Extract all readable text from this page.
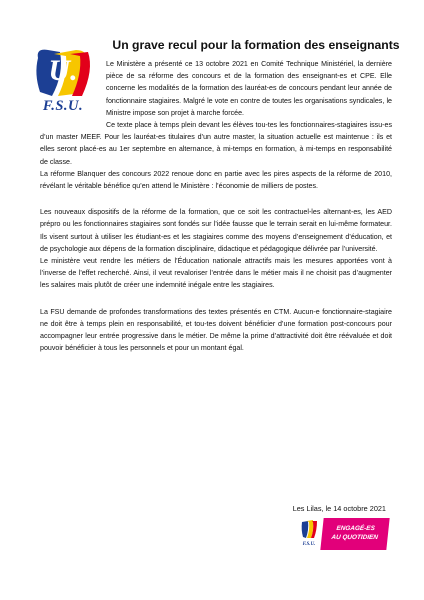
U.
F.S.U.
Un grave recul pour la formation des enseignants

Le Ministère a présenté ce 13 octobre 2021 en Comité Technique Ministériel, la dernière pièce de sa réforme des concours et de la formation des enseignant-es et CPE. Elle concerne les modalités de la formation des lauréat-es de concours pendant leur année de fonctionnaire stagiaires. Malgré le vote en contre de toutes les organisations syndicales, le Ministre impose son projet à marche forcée.

Ce texte place à temps plein devant les élèves tou-tes les fonctionnaires-stagiaires issu-es d’un master MEEF. Pour les lauréat-es titulaires d’un autre master, la situation actuelle est maintenue : ils et elles seront placé-es au 1er septembre en alternance, à mi-temps en formation, à mi-temps en responsabilité de classe.

La réforme Blanquer des concours 2022 renoue donc en partie avec les pires aspects de la réforme de 2010, révélant le véritable bénéfice qu’en attend le Ministère : l’économie de milliers de postes.

Les nouveaux dispositifs de la réforme de la formation, que ce soit les contractuel-les alternant-es, les AED prépro ou les fonctionnaires stagiaires sont fondés sur l’idée fausse que le terrain serait en lui-même formateur. Ils visent surtout à utiliser les étudiant-es et les stagiaires comme des moyens d’enseignement d’éducation, et de psychologie aux dépens de la formation disciplinaire, didactique et pédagogique délivrée par l’université.

Le ministère veut rendre les métiers de l’Éducation nationale attractifs mais les mesures apportées vont à l’inverse de l’effet recherché. Ainsi, il veut revaloriser l’entrée dans le métier mais il ne choisit pas d’augmenter les salaires mais plutôt de créer une indemnité inégale entre les stagiaires.

La FSU demande de profondes transformations des textes présentés en CTM. Aucun-e fonctionnaire-stagiaire ne doit être à temps plein en responsabilité, et tou-tes doivent bénéficier d’une formation post-concours pour accompagner leur entrée progressive dans le métier. De même la prime d’attractivité doit être réévaluée et doit pouvoir bénéficier à tous les personnels et pour un montant égal.

Les Lilas, le 14 octobre 2021
F.S.U.
ENGAGÉ-ES
AU QUOTIDIEN
